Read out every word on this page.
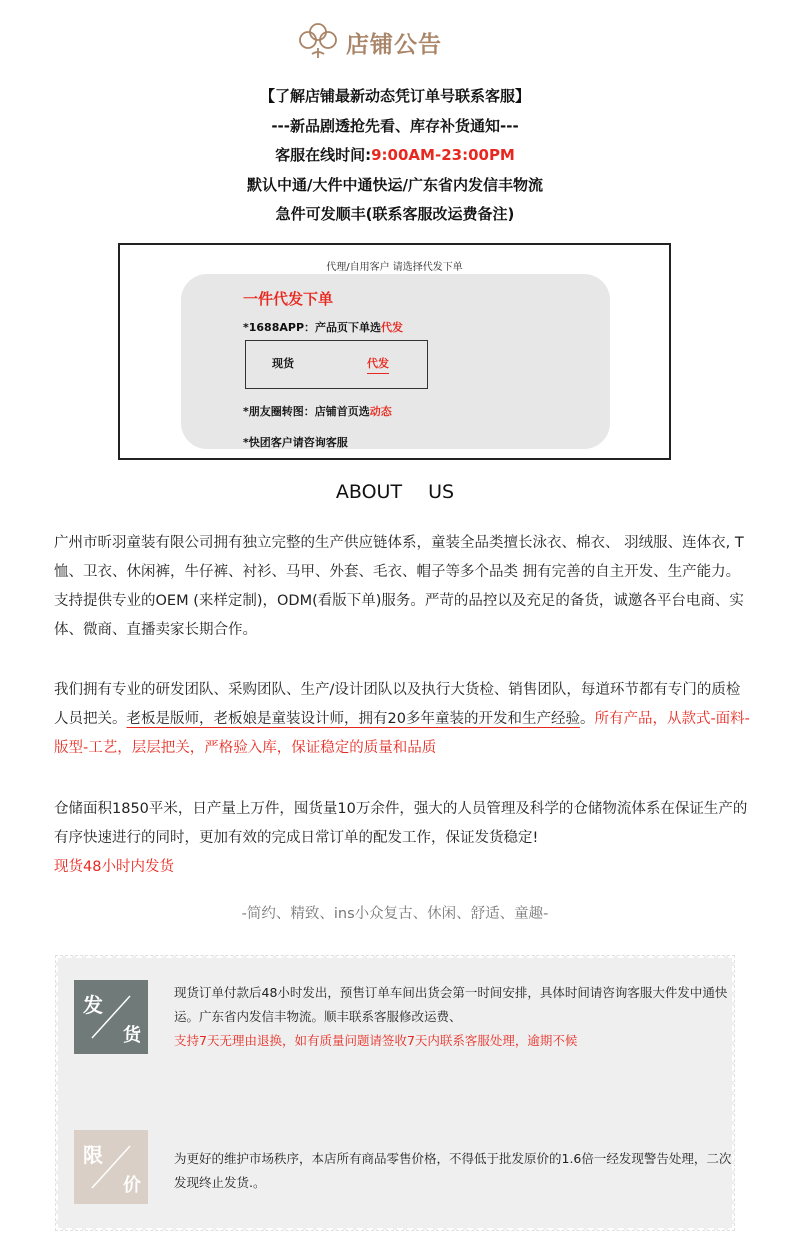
店铺公告
【了解店铺最新动态凭订单号联系客服】
---新品剧透抢先看、库存补货通知---
客服在线时间:9:00AM-23:00PM
默认中通/大件中通快运/广东省内发信丰物流
急件可发顺丰(联系客服改运费备注)
代理/自用客户 请选择代发下单
一件代发下单
*1688APP：产品页下单选代发
现货	代发
*朋友圈转图：店铺首页选动态
*快团客户请咨询客服
ABOUT US
广州市昕羽童装有限公司拥有独立完整的生产供应链体系，童装全品类擅长泳衣、棉衣、 羽绒服、连体衣, T恤、卫衣、休闲裤，牛仔裤、衬衫、马甲、外套、毛衣、帽子等多个品类 拥有完善的自主开发、生产能力。支持提供专业的OEM (来样定制)，ODM(看版下单)服务。严苛的品控以及充足的备货，诚邀各平台电商、实体、微商、直播卖家长期合作。
我们拥有专业的研发团队、采购团队、生产/设计团队以及执行大货检、销售团队，每道环节都有专门的质检人员把关。老板是版师，老板娘是童装设计师，拥有20多年童装的开发和生产经验。所有产品，从款式-面料-版型-工艺，层层把关，严格验入库，保证稳定的质量和品质
仓储面积1850平米，日产量上万件，囤货量10万余件，强大的人员管理及科学的仓储物流体系在保证生产的有序快速进行的同时，更加有效的完成日常订单的配发工作，保证发货稳定!
现货48小时内发货
-简约、精致、ins小众复古、休闲、舒适、童趣-
发
货
现货订单付款后48小时发出，预售订单车间出货会第一时间安排，具体时间请咨询客服大件发中通快运。广东省内发信丰物流。顺丰联系客服修改运费、
支持7天无理由退换，如有质量问题请签收7天内联系客服处理，逾期不候
限
价
为更好的维护市场秩序，本店所有商品零售价格，不得低于批发原价的1.6倍一经发现警告处理，二次发现终止发货.。
